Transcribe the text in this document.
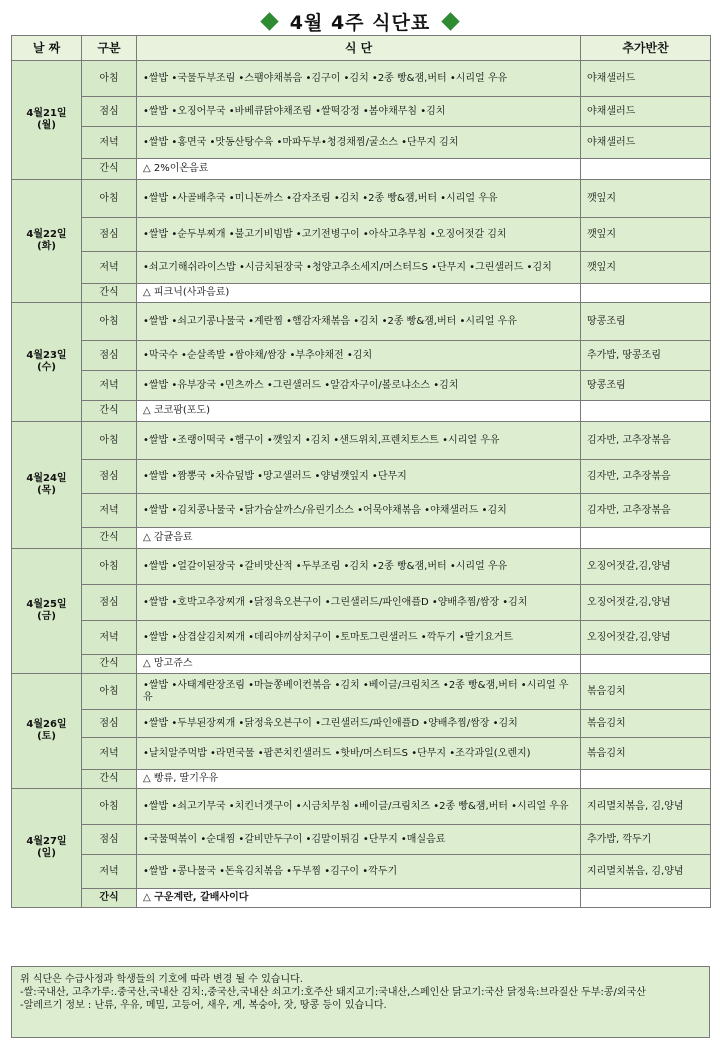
4월 4주 식단표
날 짜	구분	식 단	추가반찬

4월21일
(월)	아침	•쌀밥 •국물두부조림 •스팸야채볶음 •김구이 •김치 •2종 빵&잼,버터 •시리얼 우유	야채샐러드
	점심	•쌀밥 •오징어무국 •바베큐닭야채조림 •쌀떡강정 •봄야채무침 •김치	야채샐러드
	저녁	•쌀밥 •홍면국 •맛동산탕수육 •마파두부•청경채찜/굴소스 •단무지 김치	야채샐러드
	간식	△ 2%이온음료	

4월22일
(화)	아침	•쌀밥 •사골배추국 •미니돈까스 •감자조림 •김치 •2종 빵&잼,버터 •시리얼 우유	깻잎지
	점심	•쌀밥 •순두부찌개 •불고기비빔밥 •고기전병구이 •아삭고추무침 •오징어젓갈 김치	깻잎지
	저녁	•쇠고기해쉬라이스밥 •시금치된장국 •청양고추소세지/머스터드S •단무지 •그린샐러드 •김치	깻잎지
	간식	△ 피크닉(사과음료)	

4월23일
(수)	아침	•쌀밥 •쇠고기콩나물국 •계란찜 •햄감자채볶음 •김치 •2종 빵&잼,버터 •시리얼 우유	땅콩조림
	점심	•막국수 •순살족발 •쌈야채/쌈장 •부추야채전 •김치	추가밥, 땅콩조림
	저녁	•쌀밥 •유부장국 •민츠까스 •그린샐러드 •알감자구이/볼로냐소스 •김치	땅콩조림
	간식	△ 코코팜(포도)	

4월24일
(목)	아침	•쌀밥 •조랭이떡국 •햄구이 •깻잎지 •김치 •샌드위치,프렌치토스트 •시리얼 우유	김자반, 고추장볶음
	점심	•쌀밥 •짬뽕국 •차슈덮밥 •망고샐러드 •양념깻잎지 •단무지	김자반, 고추장볶음
	저녁	•쌀밥 •김치콩나물국 •닭가슴살까스/유린기소스 •어묵야채볶음 •야채샐러드 •김치	김자반, 고추장볶음
	간식	△ 감귤음료	

4월25일
(금)	아침	•쌀밥 •얼갈이된장국 •갈비맛산적 •두부조림 •김치 •2종 빵&잼,버터 •시리얼 우유	오징어젓갈,김,양념
	점심	•쌀밥 •호박고추장찌개 •닭정육오븐구이 •그린샐러드/파인애플D •양배추찜/쌈장 •김치	오징어젓갈,김,양념
	저녁	•쌀밥 •삼겹살김치찌개 •데리야끼삼치구이 •토마토그린샐러드 •깍두기 •딸기요거트	오징어젓갈,김,양념
	간식	△ 망고쥬스	

4월26일
(토)	아침	•쌀밥 •사태계란장조림 •마늘쫑베이컨볶음 •김치 •베이글/크림치즈 •2종 빵&잼,버터 •시리얼 우유	볶음김치
	점심	•쌀밥 •두부된장찌개 •닭정육오븐구이 •그린샐러드/파인애플D •양배추찜/쌈장 •김치	볶음김치
	저녁	•날치알주먹밥 •라면국물 •팝콘치킨샐러드 •핫바/머스터드S •단무지 •조각과일(오렌지)	볶음김치
	간식	△ 빵류, 딸기우유	

4월27일
(일)	아침	•쌀밥 •쇠고기무국 •치킨너겟구이 •시금치무침 •베이글/크림치즈 •2종 빵&잼,버터 •시리얼 우유	지리멸치볶음, 김,양념
	점심	•국물떡볶이 •순대찜 •갈비만두구이 •김말이튀김 •단무지 •매실음료	추가밥, 깍두기
	저녁	•쌀밥 •콩나물국 •돈육김치볶음 •두부찜 •김구이 •깍두기	지리멸치볶음, 김,양념
	간식	△ 구운계란, 갈배사이다	
위 식단은 수급사정과 학생들의 기호에 따라 변경 될 수 있습니다.
-쌀:국내산, 고추가루:.중국산,국내산 김치:,중국산,국내산 쇠고기:호주산 돼지고기:국내산,스페인산 닭고기:국산 닭정육:브라질산 두부:콩/외국산
-알레르기 정보 : 난류, 우유, 메밀, 고등어, 새우, 게, 복숭아, 잣, 땅콩 등이 있습니다.
